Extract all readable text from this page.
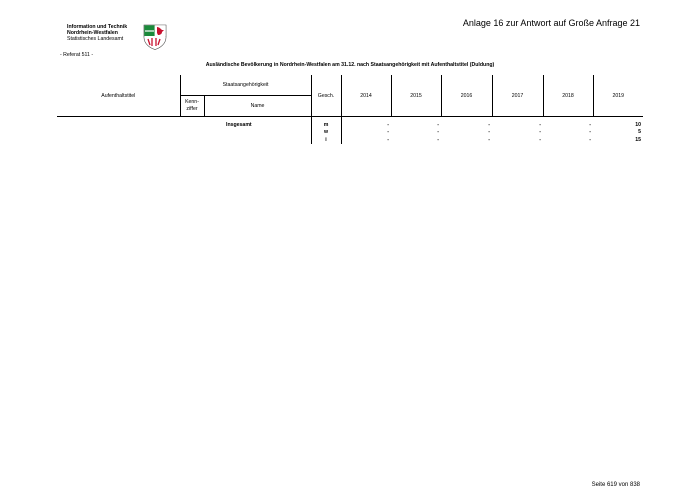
Information und Technik
Nordrhein-Westfalen
Statistisches Landesamt
Anlage 16 zur Antwort auf Große Anfrage 21
- Referat 511 -
Ausländische Bevölkerung in Nordrhein-Westfalen am 31.12. nach Staatsangehörigkeit mit Aufenthaltstitel (Duldung)
Aufenthaltstitel	Staatsangehörigkeit		Gesch.	2014	2015	2016	2017	2018	2019
	Kenn-
ziffer	Name							
		Insgesamt	m	-	-	-	-	-	10
			w	-	-	-	-	-	5
			i	-	-	-	-	-	15
Seite 619 von 838
